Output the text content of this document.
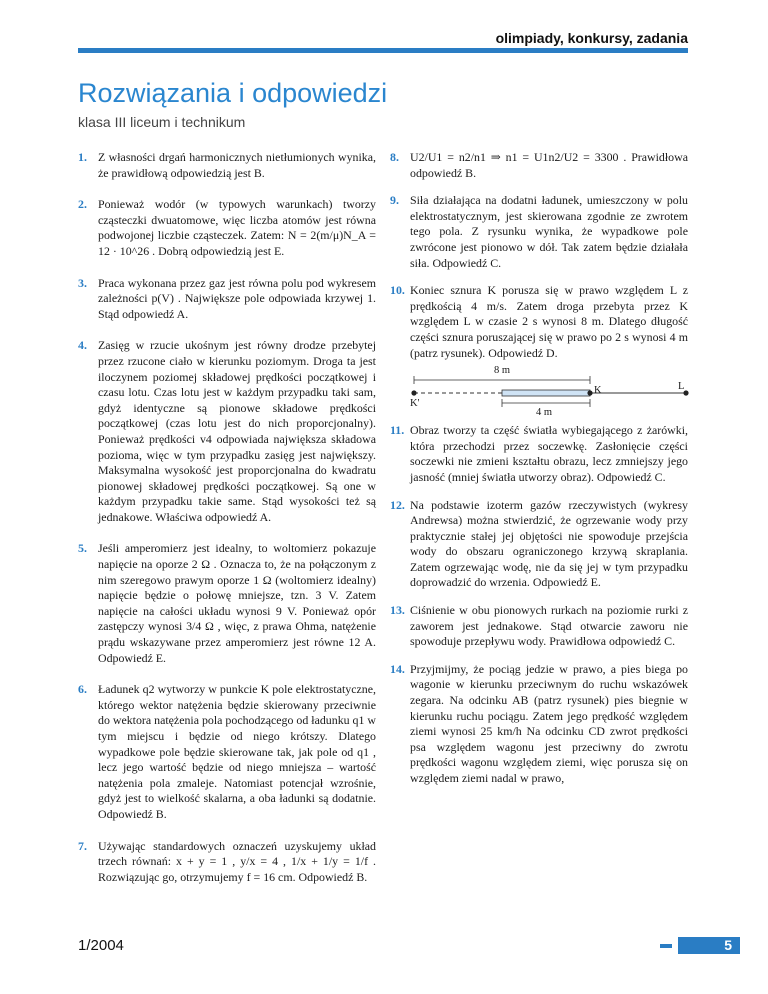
olimpiady, konkursy, zadania
Rozwiązania i odpowiedzi
klasa III liceum i technikum

1. Z własności drgań harmonicznych nietłumionych wynika, że prawidłową odpowiedzią jest B.

2. Ponieważ wodór (w typowych warunkach) tworzy cząsteczki dwuatomowe, więc liczba atomów jest równa podwojonej liczbie cząsteczek. Zatem: N = 2(m/μ)N_A = 12 · 10^26 . Dobrą odpowiedzią jest E.

3. Praca wykonana przez gaz jest równa polu pod wykresem zależności p(V) . Największe pole odpowiada krzywej 1. Stąd odpowiedź A.

4. Zasięg w rzucie ukośnym jest równy drodze przebytej przez rzucone ciało w kierunku poziomym. Droga ta jest iloczynem poziomej składowej prędkości początkowej i czasu lotu. Czas lotu jest w każdym przypadku taki sam, gdyż identyczne są pionowe składowe prędkości początkowej (czas lotu jest do nich proporcjonalny). Ponieważ prędkości v4 odpowiada największa składowa pozioma, więc w tym przypadku zasięg jest największy. Maksymalna wysokość jest proporcjonalna do kwadratu pionowej składowej prędkości początkowej. Są one w każdym przypadku takie same. Stąd wysokości też są jednakowe. Właściwa odpowiedź A.

5. Jeśli amperomierz jest idealny, to woltomierz pokazuje napięcie na oporze 2 Ω . Oznacza to, że na połączonym z nim szeregowo prawym oporze 1 Ω (woltomierz idealny) napięcie będzie o połowę mniejsze, tzn. 3 V. Zatem napięcie na całości układu wynosi 9 V. Ponieważ opór zastępczy wynosi 3/4 Ω , więc, z prawa Ohma, natężenie prądu wskazywane przez amperomierz jest równe 12 A. Odpowiedź E.

6. Ładunek q2 wytworzy w punkcie K pole elektrostatyczne, którego wektor natężenia będzie skierowany przeciwnie do wektora natężenia pola pochodzącego od ładunku q1 w tym miejscu i będzie od niego krótszy. Dlatego wypadkowe pole będzie skierowane tak, jak pole od q1 , lecz jego wartość będzie od niego mniejsza – wartość natężenia pola zmaleje. Natomiast potencjał wzrośnie, gdyż jest to wielkość skalarna, a oba ładunki są dodatnie. Odpowiedź B.

7. Używając standardowych oznaczeń uzyskujemy układ trzech równań: x + y = 1 , y/x = 4 , 1/x + 1/y = 1/f . Rozwiązując go, otrzymujemy f = 16 cm. Odpowiedź B.

8. U2/U1 = n2/n1 ⇒ n1 = U1n2/U2 = 3300 . Prawidłowa odpowiedź B.

9. Siła działająca na dodatni ładunek, umieszczony w polu elektrostatycznym, jest skierowana zgodnie ze zwrotem tego pola. Z rysunku wynika, że wypadkowe pole zwrócone jest pionowo w dół. Tak zatem będzie działała siła. Odpowiedź C.

10. Koniec sznura K porusza się w prawo względem L z prędkością 4 m/s. Zatem droga przebyta przez K względem L w czasie 2 s wynosi 8 m. Dlatego długość części sznura poruszającej się w prawo po 2 s wynosi 4 m (patrz rysunek). Odpowiedź D.

8 m
K
K'
L
4 m

11. Obraz tworzy ta część światła wybiegającego z żarówki, która przechodzi przez soczewkę. Zasłonięcie części soczewki nie zmieni kształtu obrazu, lecz zmniejszy jego jasność (mniej światła utworzy obraz). Odpowiedź C.

12. Na podstawie izoterm gazów rzeczywistych (wykresy Andrewsa) można stwierdzić, że ogrzewanie wody przy praktycznie stałej jej objętości nie spowoduje przejścia wody do obszaru ograniczonego krzywą skraplania. Zatem ogrzewając wodę, nie da się jej w tym przypadku doprowadzić do wrzenia. Odpowiedź E.

13. Ciśnienie w obu pionowych rurkach na poziomie rurki z zaworem jest jednakowe. Stąd otwarcie zaworu nie spowoduje przepływu wody. Prawidłowa odpowiedź C.

14. Przyjmijmy, że pociąg jedzie w prawo, a pies biega po wagonie w kierunku przeciwnym do ruchu wskazówek zegara. Na odcinku AB (patrz rysunek) pies biegnie w kierunku ruchu pociągu. Zatem jego prędkość względem ziemi wynosi 25 km/h Na odcinku CD zwrot prędkości psa względem wagonu jest przeciwny do zwrotu prędkości wagonu względem ziemi, więc porusza się on względem ziemi nadal w prawo,

1/2004	5
